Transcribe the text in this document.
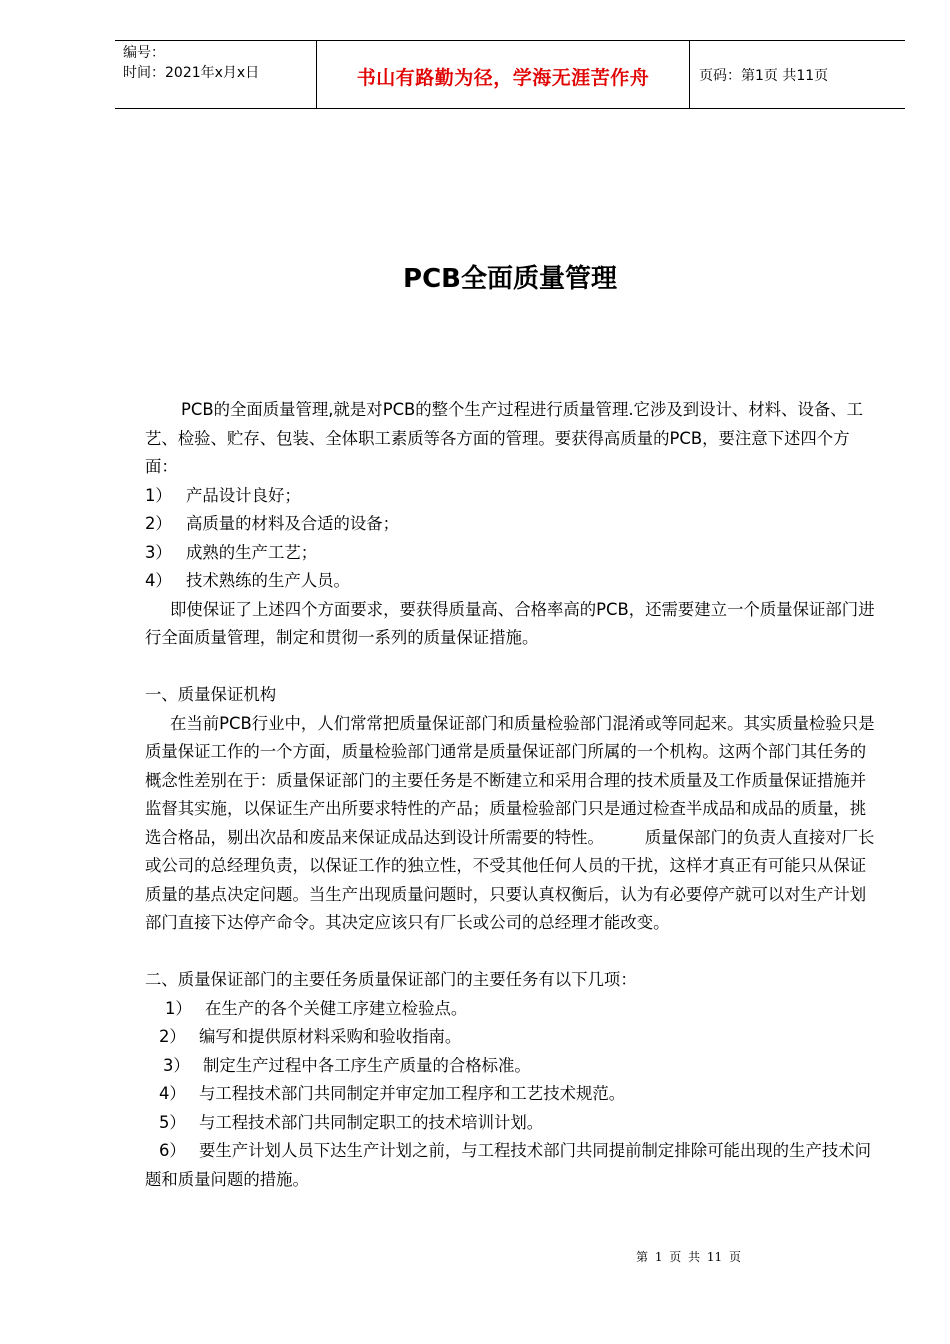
编号：
时间：2021年x月x日	书山有路勤为径，学海无涯苦作舟	页码：第1页 共11页
PCB全面质量管理

PCB的全面质量管理,就是对PCB的整个生产过程进行质量管理.它涉及到设计、材料、设备、工艺、检验、贮存、包装、全体职工素质等各方面的管理。要获得高质量的PCB，要注意下述四个方面：

1） 产品设计良好；

2） 高质量的材料及合适的设备；

3） 成熟的生产工艺；

4） 技术熟练的生产人员。

即使保证了上述四个方面要求，要获得质量高、合格率高的PCB，还需要建立一个质量保证部门进行全面质量管理，制定和贯彻一系列的质量保证措施。

一、质量保证机构

在当前PCB行业中，人们常常把质量保证部门和质量检验部门混淆或等同起来。其实质量检验只是质量保证工作的一个方面，质量检验部门通常是质量保证部门所属的一个机构。这两个部门其任务的概念性差别在于：质量保证部门的主要任务是不断建立和采用合理的技术质量及工作质量保证措施并监督其实施，以保证生产出所要求特性的产品；质量检验部门只是通过检查半成品和成品的质量，挑选合格品，剔出次品和废品来保证成品达到设计所需要的特性。　　　质量保部门的负责人直接对厂长或公司的总经理负责，以保证工作的独立性，不受其他任何人员的干扰，这样才真正有可能只从保证质量的基点决定问题。当生产出现质量问题时，只要认真权衡后，认为有必要停产就可以对生产计划部门直接下达停产命令。其决定应该只有厂长或公司的总经理才能改变。

二、质量保证部门的主要任务质量保证部门的主要任务有以下几项：

1） 在生产的各个关健工序建立检验点。

2） 编写和提供原材料采购和验收指南。

3） 制定生产过程中各工序生产质量的合格标准。

4） 与工程技术部门共同制定并审定加工程序和工艺技术规范。

5） 与工程技术部门共同制定职工的技术培训计划。

6） 要生产计划人员下达生产计划之前，与工程技术部门共同提前制定排除可能出现的生产技术问题和质量问题的措施。

第 1 页 共 11 页
